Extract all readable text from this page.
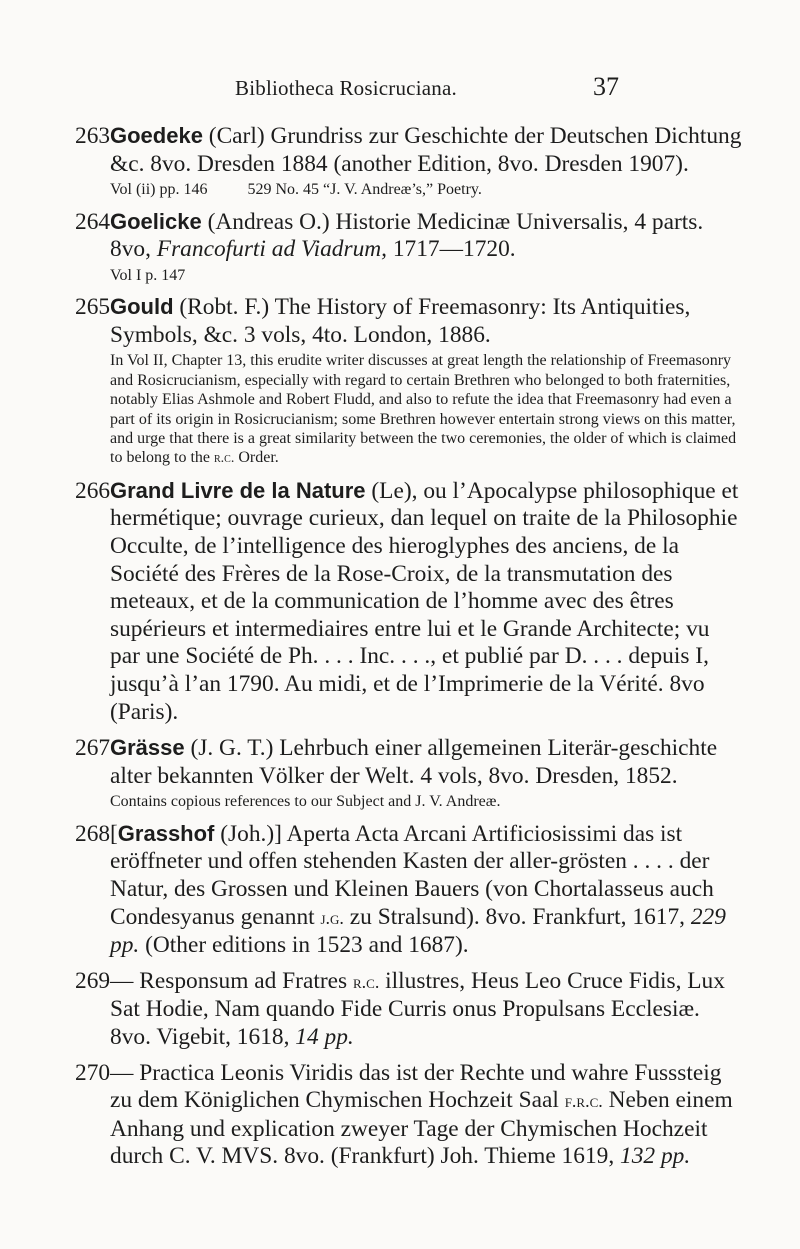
Bibliotheca Rosicruciana.	37

263Goedeke (Carl) Grundriss zur Geschichte der Deutschen Dichtung &c. 8vo. Dresden 1884 (another Edition, 8vo. Dresden 1907).

Vol (ii) pp. 146          529 No. 45 “J. V. Andreæ’s,” Poetry.

264Goelicke (Andreas O.) Historie Medicinæ Universalis, 4 parts. 8vo, Francofurti ad Viadrum, 1717—1720.

Vol I p. 147

265Gould (Robt. F.) The History of Freemasonry: Its Antiquities, Symbols, &c. 3 vols, 4to. London, 1886.

In Vol II, Chapter 13, this erudite writer discusses at great length the relationship of Freemasonry and Rosicrucianism, especially with regard to certain Brethren who belonged to both fraternities, notably Elias Ashmole and Robert Fludd, and also to refute the idea that Freemasonry had even a part of its origin in Rosicrucianism; some Brethren however entertain strong views on this matter, and urge that there is a great similarity between the two ceremonies, the older of which is claimed to belong to the r.c. Order.

266Grand Livre de la Nature (Le), ou l’Apocalypse philosophique et hermétique; ouvrage curieux, dan lequel on traite de la Philosophie Occulte, de l’intelligence des hieroglyphes des anciens, de la Société des Frères de la Rose-Croix, de la transmutation des meteaux, et de la communication de l’homme avec des êtres supérieurs et intermediaires entre lui et le Grande Architecte; vu par une Société de Ph. . . . Inc. . . ., et publié par D. . . . depuis I, jusqu’à l’an 1790. Au midi, et de l’Imprimerie de la Vérité. 8vo (Paris).

267Grässe (J. G. T.) Lehrbuch einer allgemeinen Literär-geschichte alter bekannten Völker der Welt. 4 vols, 8vo. Dresden, 1852.

Contains copious references to our Subject and J. V. Andreæ.

268[Grasshof (Joh.)] Aperta Acta Arcani Artificiosissimi das ist eröffneter und offen stehenden Kasten der aller-grösten . . . . der Natur, des Grossen und Kleinen Bauers (von Chortalasseus auch Condesyanus genannt j.g. zu Stralsund). 8vo. Frankfurt, 1617, 229 pp. (Other editions in 1523 and 1687).

269— Responsum ad Fratres r.c. illustres, Heus Leo Cruce Fidis, Lux Sat Hodie, Nam quando Fide Curris onus Propulsans Ecclesiæ. 8vo. Vigebit, 1618, 14 pp.

270— Practica Leonis Viridis das ist der Rechte und wahre Fusssteig zu dem Königlichen Chymischen Hochzeit Saal f.r.c. Neben einem Anhang und explication zweyer Tage der Chymischen Hochzeit durch C. V. MVS. 8vo. (Frankfurt) Joh. Thieme 1619, 132 pp.
